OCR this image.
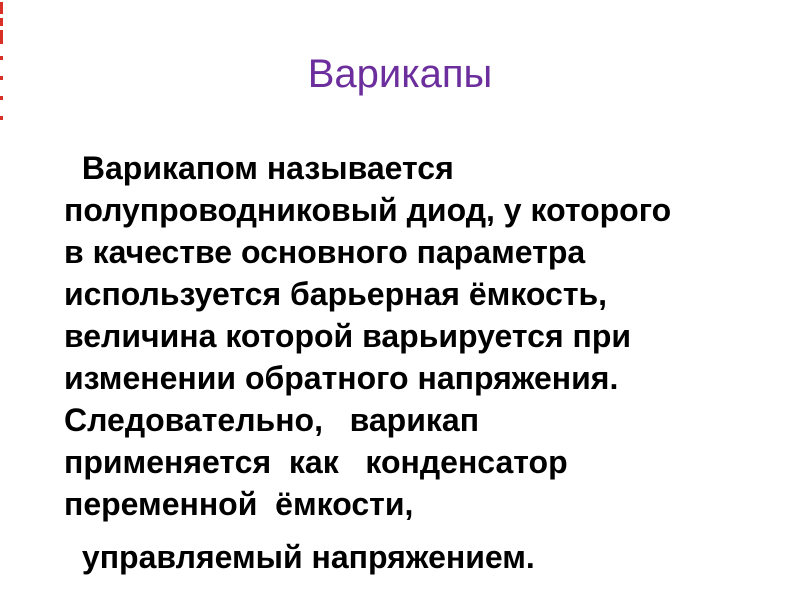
Варикапы
Варикапом называется
полупроводниковый диод, у которого
в качестве основного параметра
используется барьерная ёмкость,
величина которой варьируется при
изменении обратного напряжения.
Следовательно,   варикап
применяется  как   конденсатор
переменной  ёмкости,
управляемый напряжением.
